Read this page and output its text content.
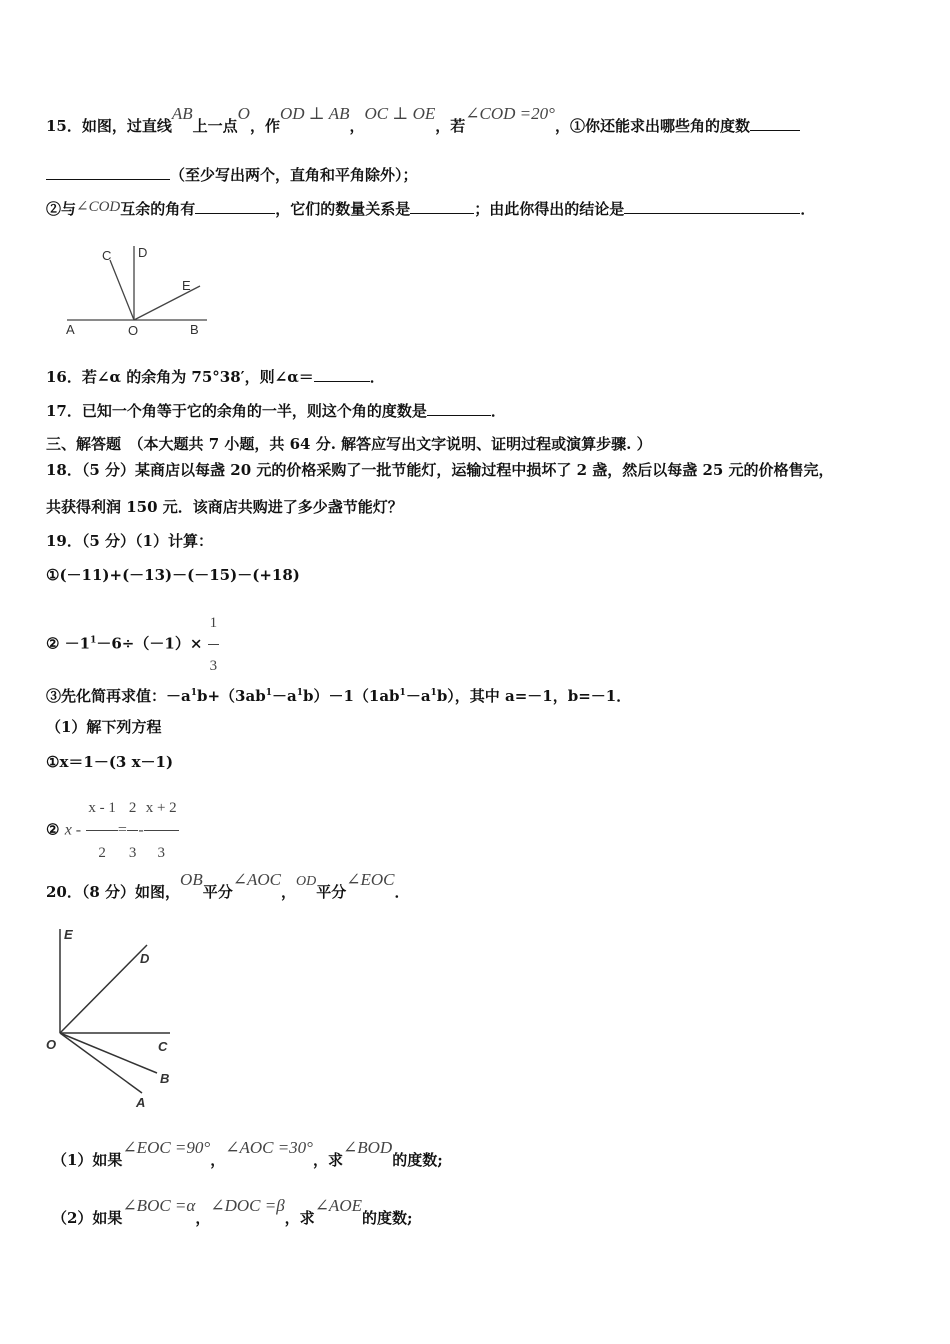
15．如图，过直线AB上一点O，作OD ⊥ AB，OC ⊥ OE，若∠COD =20°，①你还能求出哪些角的度数
（至少写出两个，直角和平角除外）；
②与∠COD互余的角有	，它们的数量关系是	；由此你得出的结论是	．
C D
E
A	O	B
16．若∠α 的余角为 75°38′，则∠α＝	．
17．已知一个角等于它的余角的一半，则这个角的度数是	．
三、解答题　（本大题共 7 小题，共 64 分. 解答应写出文字说明、证明过程或演算步骤. ）
18．（5 分）某商店以每盏 20 元的价格采购了一批节能灯，运输过程中损坏了 2 盏，然后以每盏 25 元的价格售完，
共获得利润 150 元．该商店共购进了多少盏节能灯？
19．（5 分）（1）计算：
①(－11)+(－13)－(－15)－(+18)
② $-1^1-6\div(-1)\times \frac{1}{3}$
③先化简再求值：$-a^1b+(3ab^1-a^1b)-1(1ab^1-a^1b)$，其中 a=－1，b=－1．
（1）解下列方程
①x＝1－(3 x－1)
② $x - \frac{x - 1}{2} = \frac{2}{3} - \frac{x + 2}{3}$
20．（8 分）如图，OB平分∠AOC，OD平分∠EOC．
E
D
O	C
B
A
（1）如果∠EOC =90°，∠AOC =30°，求∠BOD的度数;
（2）如果∠BOC =α，∠DOC =β，求∠AOE的度数;
